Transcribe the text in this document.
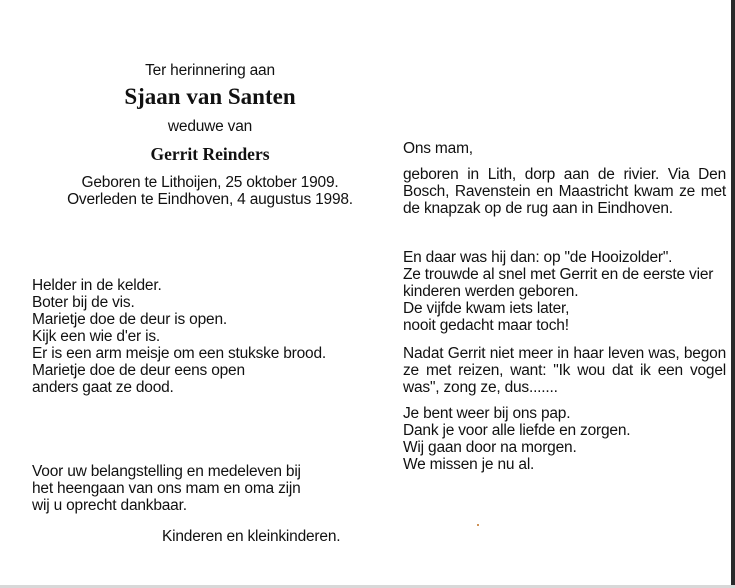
Ter herinnering aan
Sjaan van Santen
weduwe van
Gerrit Reinders
Geboren te Lithoijen, 25 oktober 1909.
Overleden te Eindhoven, 4 augustus 1998.

Helder in de kelder.

Boter bij de vis.

Marietje doe de deur is open.

Kijk een wie d'er is.

Er is een arm meisje om een stukske brood.

Marietje doe de deur eens open

anders gaat ze dood.

Voor uw belangstelling en medeleven bij het heengaan van ons mam en oma zijn wij u oprecht dankbaar.

Kinderen en kleinkinderen.
Ons mam,
geboren in Lith, dorp aan de rivier. Via Den Bosch, Ravenstein en Maastricht kwam ze met de knapzak op de rug aan in Eindhoven.

En daar was hij dan: op "de Hooizolder".

Ze trouwde al snel met Gerrit en de eerste vier

kinderen werden geboren.

De vijfde kwam iets later,

nooit gedacht maar toch!

Nadat Gerrit niet meer in haar leven was, begon ze met reizen, want: "Ik wou dat ik een vogel was", zong ze, dus.......

Je bent weer bij ons pap.

Dank je voor alle liefde en zorgen.

Wij gaan door na morgen.

We missen je nu al.
